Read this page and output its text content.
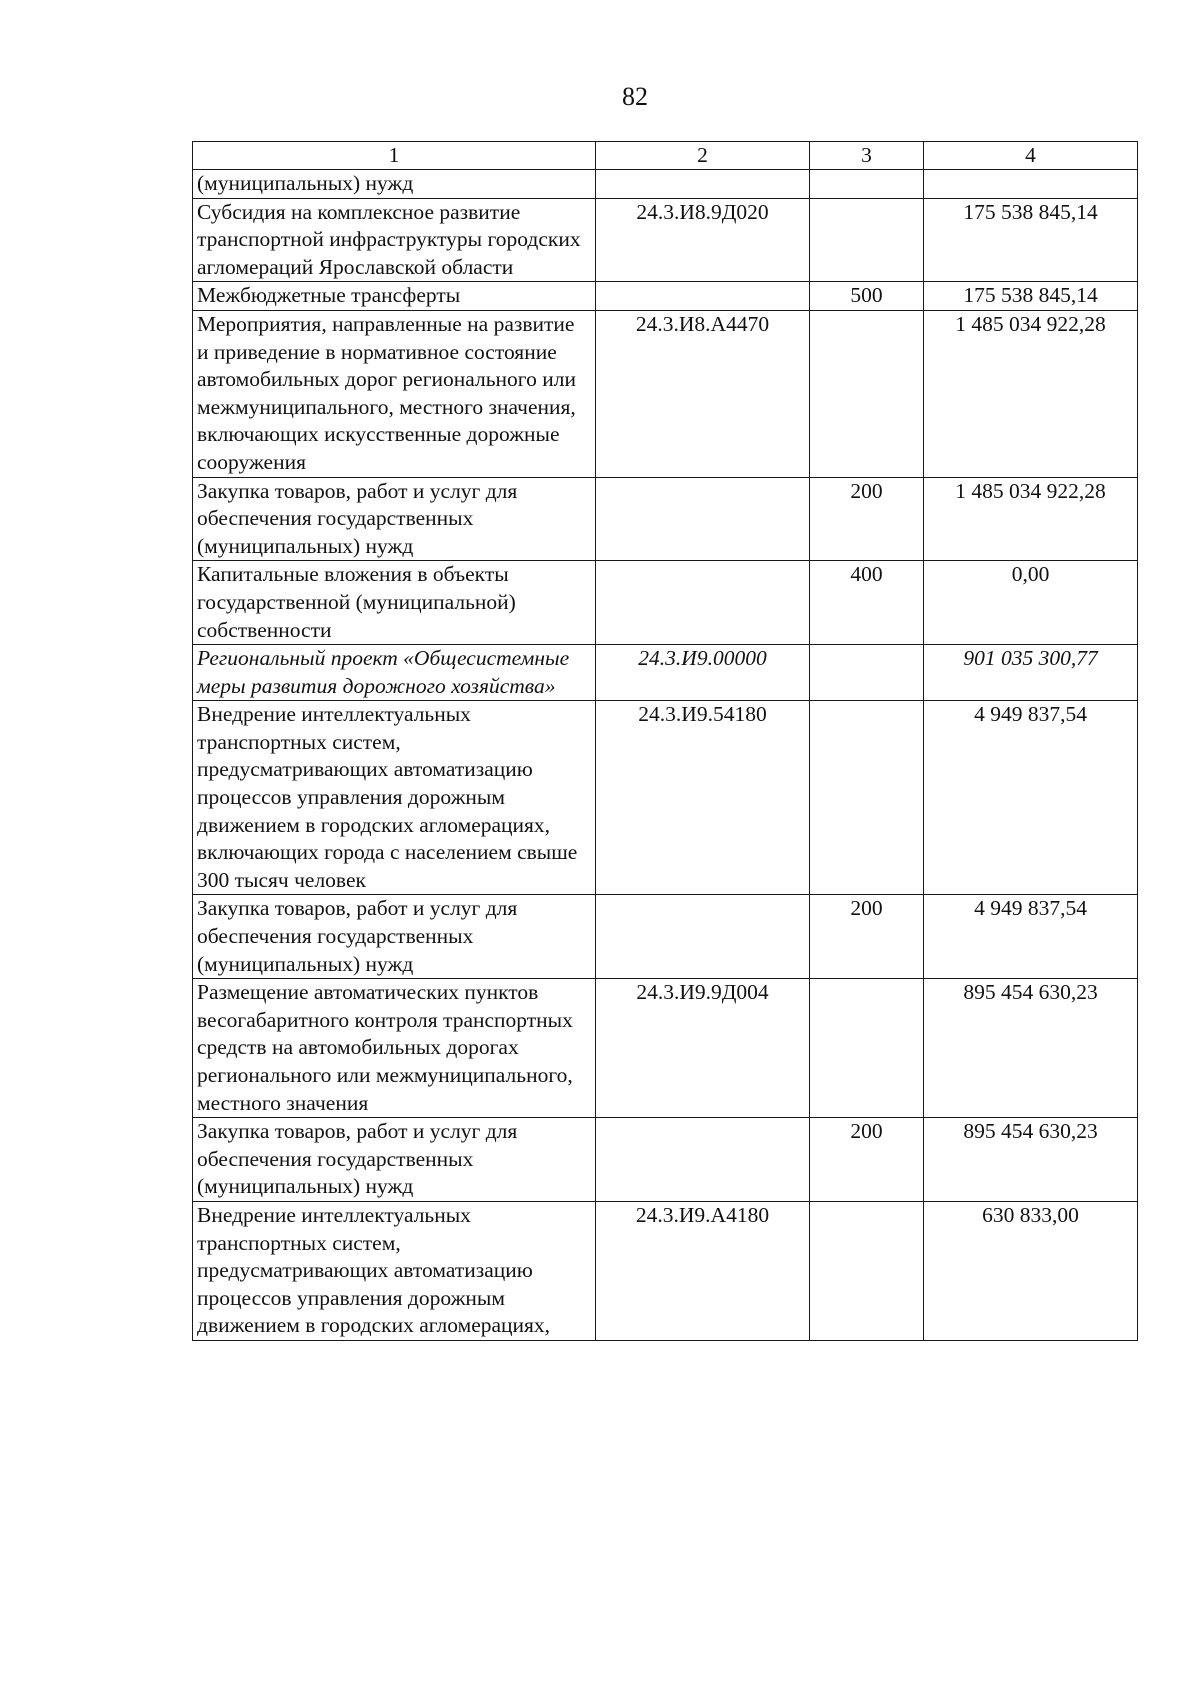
82
1	2	3	4
(муниципальных) нужд			
Субсидия на комплексное развитие транспортной инфраструктуры городских агломераций Ярославской области	24.3.И8.9Д020		175 538 845,14
Межбюджетные трансферты		500	175 538 845,14
Мероприятия, направленные на развитие и приведение в нормативное состояние автомобильных дорог регионального или межмуниципального, местного значения, включающих искусственные дорожные сооружения	24.3.И8.А4470		1 485 034 922,28
Закупка товаров, работ и услуг для обеспечения государственных (муниципальных) нужд		200	1 485 034 922,28
Капитальные вложения в объекты государственной (муниципальной) собственности		400	0,00
Региональный проект «Общесистемные меры развития дорожного хозяйства»	24.3.И9.00000		901 035 300,77
Внедрение интеллектуальных транспортных систем, предусматривающих автоматизацию процессов управления дорожным движением в городских агломерациях, включающих города с населением свыше 300 тысяч человек	24.3.И9.54180		4 949 837,54
Закупка товаров, работ и услуг для обеспечения государственных (муниципальных) нужд		200	4 949 837,54
Размещение автоматических пунктов весогабаритного контроля транспортных средств на автомобильных дорогах регионального или межмуниципального, местного значения	24.3.И9.9Д004		895 454 630,23
Закупка товаров, работ и услуг для обеспечения государственных (муниципальных) нужд		200	895 454 630,23
Внедрение интеллектуальных транспортных систем, предусматривающих автоматизацию процессов управления дорожным движением в городских агломерациях,	24.3.И9.А4180		630 833,00
